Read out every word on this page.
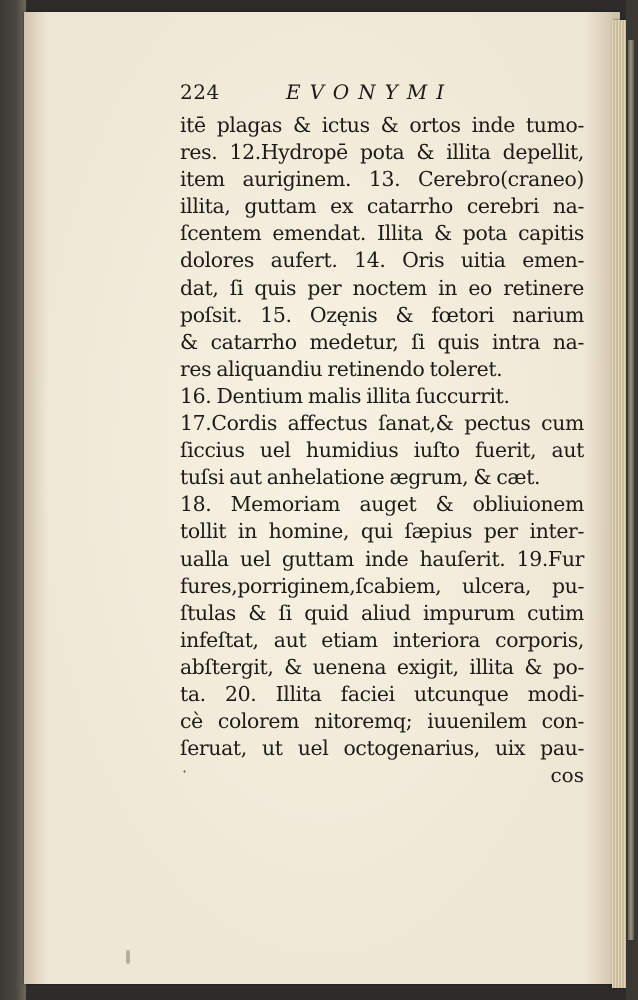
224	EVONYMI
itē plagas & ictus & ortos inde tumo-
res. 12.Hydropē pota & illita depellit,
item auriginem. 13. Cerebro(craneo)
illita, guttam ex catarrho cerebri na-
ſcentem emendat. Illita & pota capitis
dolores aufert. 14. Oris uitia emen-
dat, ſi quis per noctem in eo retinere
poſsit. 15. Ozęnis & fœtori narium
& catarrho medetur, ſi quis intra na-
res aliquandiu retinendo toleret.
16. Dentium malis illita ſuccurrit.
17.Cordis affectus ſanat,& pectus cum
ſiccius uel humidius iuſto fuerit, aut
tuſsi aut anhelatione ægrum, & cæt.
18. Memoriam auget & obliuionem
tollit in homine, qui ſæpius per inter-
ualla uel guttam inde hauſerit. 19.Fur
fures,porriginem,ſcabiem, ulcera, pu-
ſtulas & ſi quid aliud impurum cutim
infeſtat, aut etiam interiora corporis,
abſtergit, & uenena exigit, illita & po-
ta. 20. Illita faciei utcunque modi-
cè colorem nitoremq; iuuenilem con-
ſeruat, ut uel octogenarius, uix pau-
·	cos
